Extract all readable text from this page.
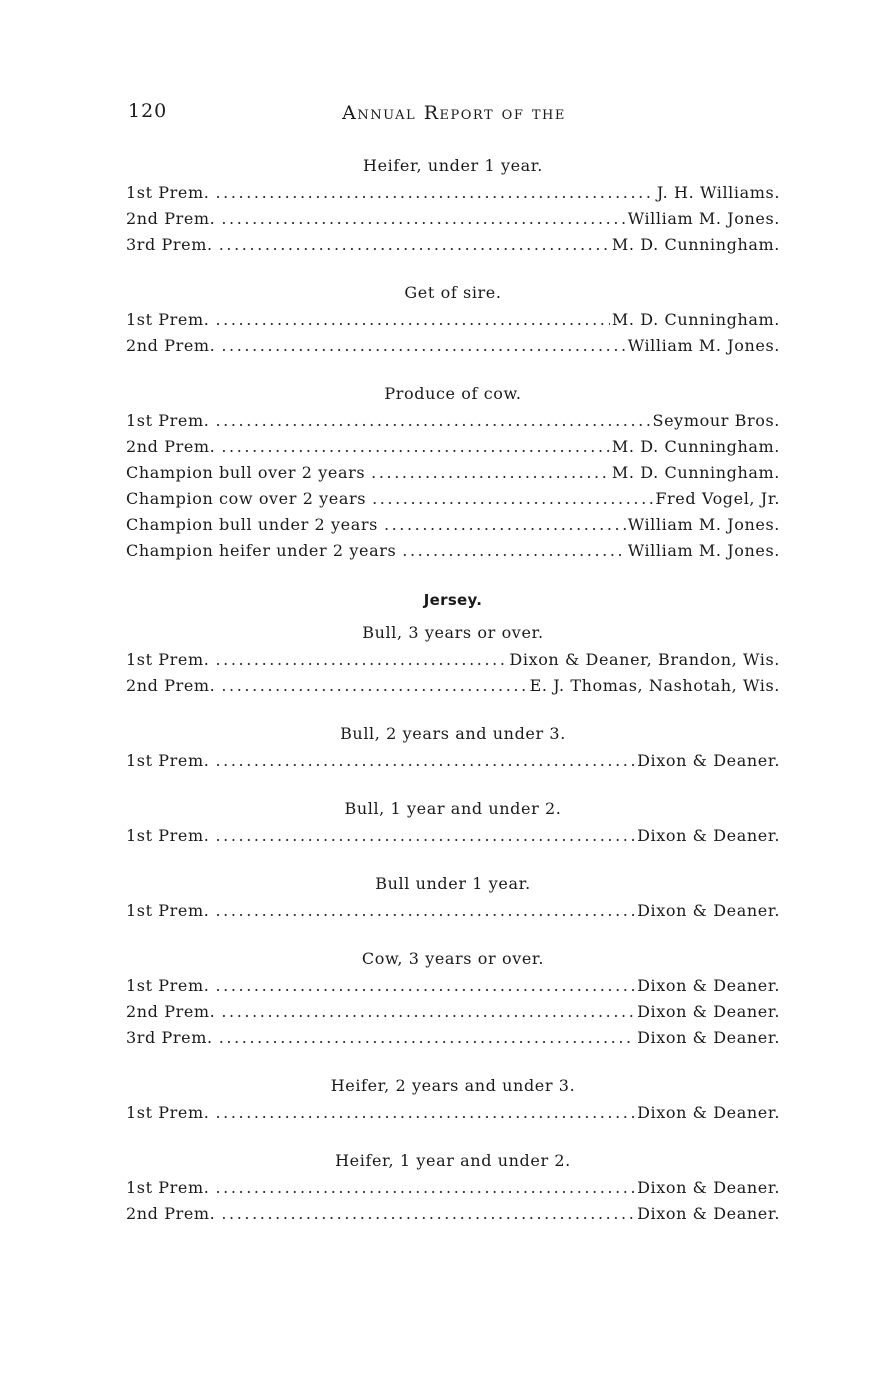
120	Annual Report of the
Heifer, under 1 year.
1st Prem. .....	J. H. Williams.
2nd Prem. .....	William M. Jones.
3rd Prem. .....	M. D. Cunningham.
Get of sire.
1st Prem. .....	M. D. Cunningham.
2nd Prem. .....	William M. Jones.
Produce of cow.
1st Prem. .....	Seymour Bros.
2nd Prem. .....	M. D. Cunningham.
Champion bull over 2 years .....	M. D. Cunningham.
Champion cow over 2 years .....	Fred Vogel, Jr.
Champion bull under 2 years .....	William M. Jones.
Champion heifer under 2 years .....	William M. Jones.
Jersey.
Bull, 3 years or over.
1st Prem. .....	Dixon & Deaner, Brandon, Wis.
2nd Prem. .....	E. J. Thomas, Nashotah, Wis.
Bull, 2 years and under 3.
1st Prem. .....	Dixon & Deaner.
Bull, 1 year and under 2.
1st Prem. .....	Dixon & Deaner.
Bull under 1 year.
1st Prem. .....	Dixon & Deaner.
Cow, 3 years or over.
1st Prem. .....	Dixon & Deaner.
2nd Prem. .....	Dixon & Deaner.
3rd Prem. .....	Dixon & Deaner.
Heifer, 2 years and under 3.
1st Prem. .....	Dixon & Deaner.
Heifer, 1 year and under 2.
1st Prem. .....	Dixon & Deaner.
2nd Prem. .....	Dixon & Deaner.
